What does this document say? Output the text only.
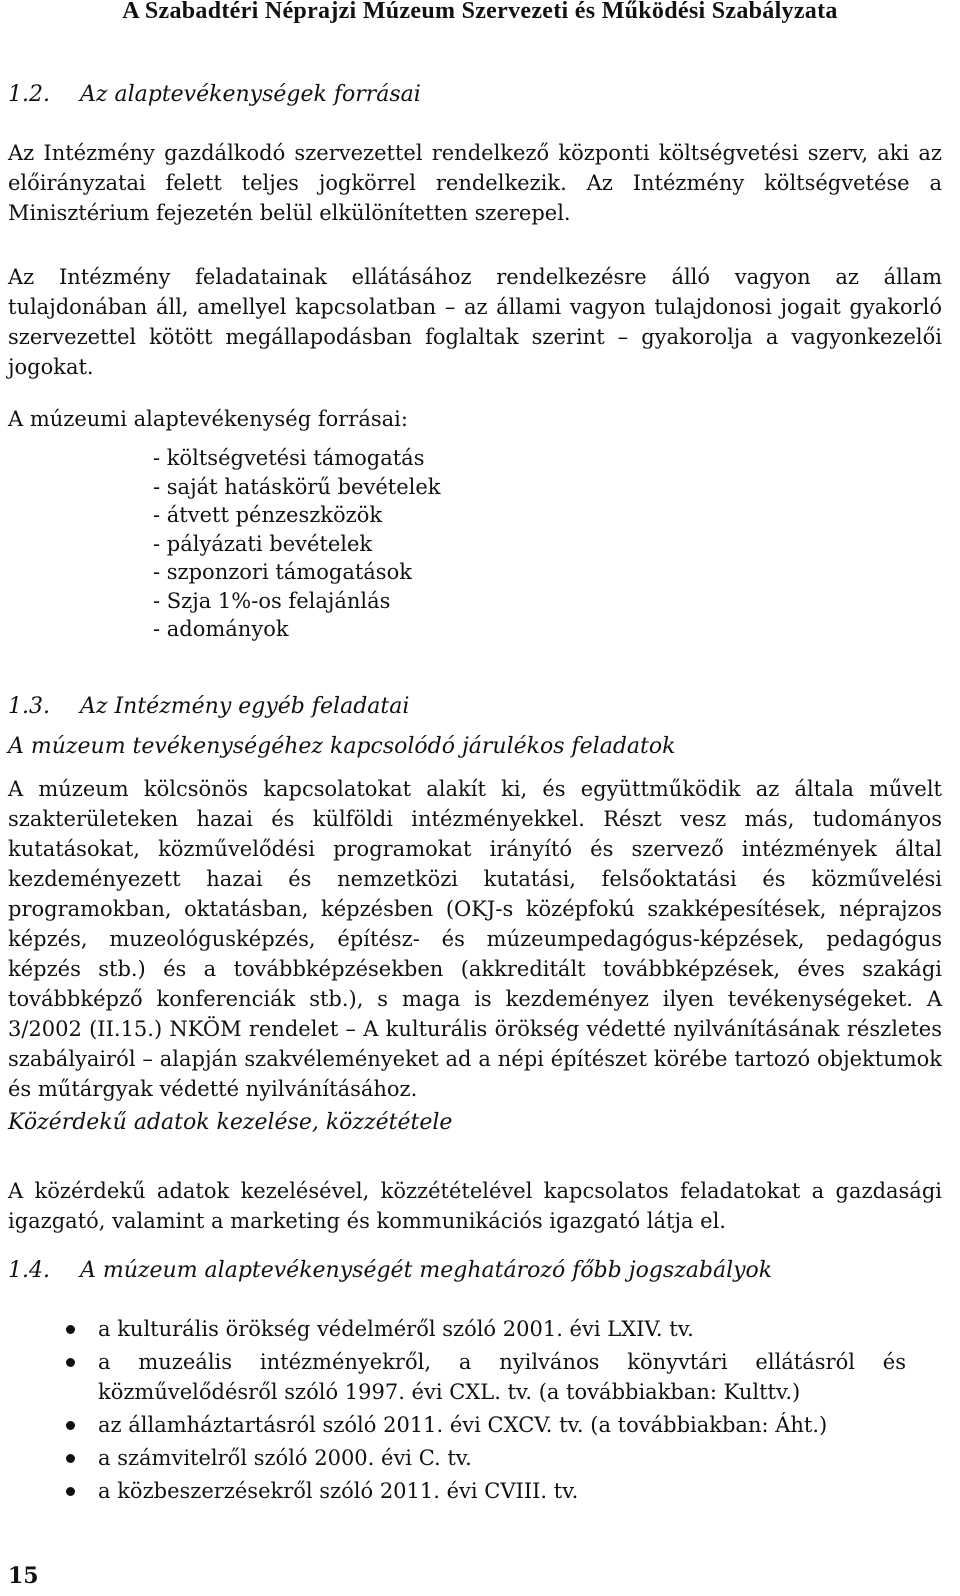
A Szabadtéri Néprajzi Múzeum Szervezeti és Működési Szabályzata
1.2. Az alaptevékenységek forrásai
Az Intézmény gazdálkodó szervezettel rendelkező központi költségvetési szerv, aki az előirányzatai felett teljes jogkörrel rendelkezik. Az Intézmény költségvetése a Minisztérium fejezetén belül elkülönítetten szerepel.
Az Intézmény feladatainak ellátásához rendelkezésre álló vagyon az állam tulajdonában áll, amellyel kapcsolatban – az állami vagyon tulajdonosi jogait gyakorló szervezettel kötött megállapodásban foglaltak szerint – gyakorolja a vagyonkezelői jogokat.
A múzeumi alaptevékenység forrásai:
- költségvetési támogatás
- saját hatáskörű bevételek
- átvett pénzeszközök
- pályázati bevételek
- szponzori támogatások
- Szja 1%-os felajánlás
- adományok
1.3. Az Intézmény egyéb feladatai
A múzeum tevékenységéhez kapcsolódó járulékos feladatok
A múzeum kölcsönös kapcsolatokat alakít ki, és együttműködik az általa művelt szakterületeken hazai és külföldi intézményekkel. Részt vesz más, tudományos kutatásokat, közművelődési programokat irányító és szervező intézmények által kezdeményezett hazai és nemzetközi kutatási, felsőoktatási és közművelési programokban, oktatásban, képzésben (OKJ-s középfokú szakképesítések, néprajzos képzés, muzeológusképzés, építész- és múzeumpedagógus-képzések, pedagógus képzés stb.) és a továbbképzésekben (akkreditált továbbképzések, éves szakági továbbképző konferenciák stb.), s maga is kezdeményez ilyen tevékenységeket. A 3/2002 (II.15.) NKÖM rendelet – A kulturális örökség védetté nyilvánításának részletes szabályairól – alapján szakvéleményeket ad a népi építészet körébe tartozó objektumok és műtárgyak védetté nyilvánításához.
Közérdekű adatok kezelése, közzététele
A közérdekű adatok kezelésével, közzétételével kapcsolatos feladatokat a gazdasági igazgató, valamint a marketing és kommunikációs igazgató látja el.
1.4. A múzeum alaptevékenységét meghatározó főbb jogszabályok
a kulturális örökség védelméről szóló 2001. évi LXIV. tv.
a muzeális intézményekről, a nyilvános könyvtári ellátásról és közművelődésről szóló 1997. évi CXL. tv. (a továbbiakban: Kulttv.)
az államháztartásról szóló 2011. évi CXCV. tv. (a továbbiakban: Áht.)
a számvitelről szóló 2000. évi C. tv.
a közbeszerzésekről szóló 2011. évi CVIII. tv.
15
